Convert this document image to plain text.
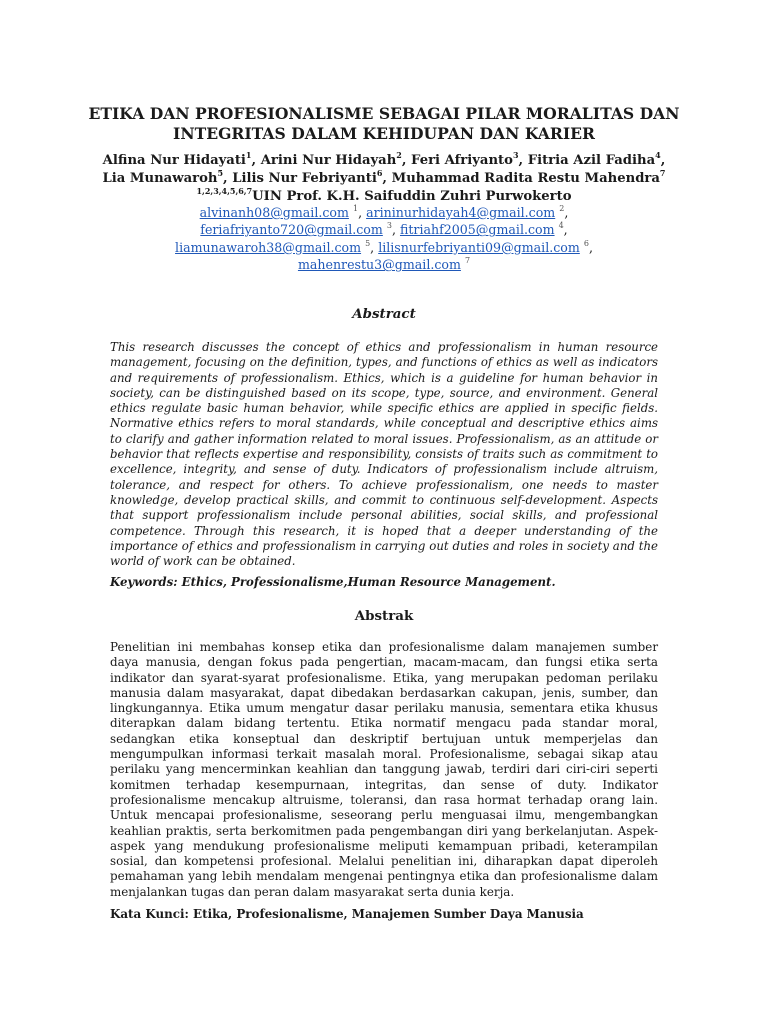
ETIKA DAN PROFESIONALISME SEBAGAI PILAR MORALITAS DAN INTEGRITAS DALAM KEHIDUPAN DAN KARIER

Alfina Nur Hidayati$^1$, Arini Nur Hidayah$^2$, Feri Afriyanto$^3$, Fitria Azil Fadiha$^4$, Lia Munawaroh$^5$, Lilis Nur Febriyanti$^6$, Muhammad Radita Restu Mahendra$^7$ $^{1,2,3,4,5,6,7}$UIN Prof. K.H. Saifuddin Zuhri Purwokerto

alvinanh08@gmail.com $^1$, arininurhidayah4@gmail.com $^2$,
feriafriyanto720@gmail.com $^3$, fitriahf2005@gmail.com $^4$,
liamunawaroh38@gmail.com $^5$, lilisnurfebriyanti09@gmail.com $^6$,
mahenrestu3@gmail.com $^7$

Abstract

This research discusses the concept of ethics and professionalism in human resource management, focusing on the definition, types, and functions of ethics as well as indicators and requirements of professionalism. Ethics, which is a guideline for human behavior in society, can be distinguished based on its scope, type, source, and environment. General ethics regulate basic human behavior, while specific ethics are applied in specific fields. Normative ethics refers to moral standards, while conceptual and descriptive ethics aims to clarify and gather information related to moral issues. Professionalism, as an attitude or behavior that reflects expertise and responsibility, consists of traits such as commitment to excellence, integrity, and sense of duty. Indicators of professionalism include altruism, tolerance, and respect for others. To achieve professionalism, one needs to master knowledge, develop practical skills, and commit to continuous self-development. Aspects that support professionalism include personal abilities, social skills, and professional competence. Through this research, it is hoped that a deeper understanding of the importance of ethics and professionalism in carrying out duties and roles in society and the world of work can be obtained.

Keywords: Ethics, Professionalisme,Human Resource Management.

Abstrak

Penelitian ini membahas konsep etika dan profesionalisme dalam manajemen sumber daya manusia, dengan fokus pada pengertian, macam-macam, dan fungsi etika serta indikator dan syarat-syarat profesionalisme. Etika, yang merupakan pedoman perilaku manusia dalam masyarakat, dapat dibedakan berdasarkan cakupan, jenis, sumber, dan lingkungannya. Etika umum mengatur dasar perilaku manusia, sementara etika khusus diterapkan dalam bidang tertentu. Etika normatif mengacu pada standar moral, sedangkan etika konseptual dan deskriptif bertujuan untuk memperjelas dan mengumpulkan informasi terkait masalah moral. Profesionalisme, sebagai sikap atau perilaku yang mencerminkan keahlian dan tanggung jawab, terdiri dari ciri-ciri seperti komitmen terhadap kesempurnaan, integritas, dan sense of duty. Indikator profesionalisme mencakup altruisme, toleransi, dan rasa hormat terhadap orang lain. Untuk mencapai profesionalisme, seseorang perlu menguasai ilmu, mengembangkan keahlian praktis, serta berkomitmen pada pengembangan diri yang berkelanjutan. Aspek-aspek yang mendukung profesionalisme meliputi kemampuan pribadi, keterampilan sosial, dan kompetensi profesional. Melalui penelitian ini, diharapkan dapat diperoleh pemahaman yang lebih mendalam mengenai pentingnya etika dan profesionalisme dalam menjalankan tugas dan peran dalam masyarakat serta dunia kerja.

Kata Kunci: Etika, Profesionalisme, Manajemen Sumber Daya Manusia
